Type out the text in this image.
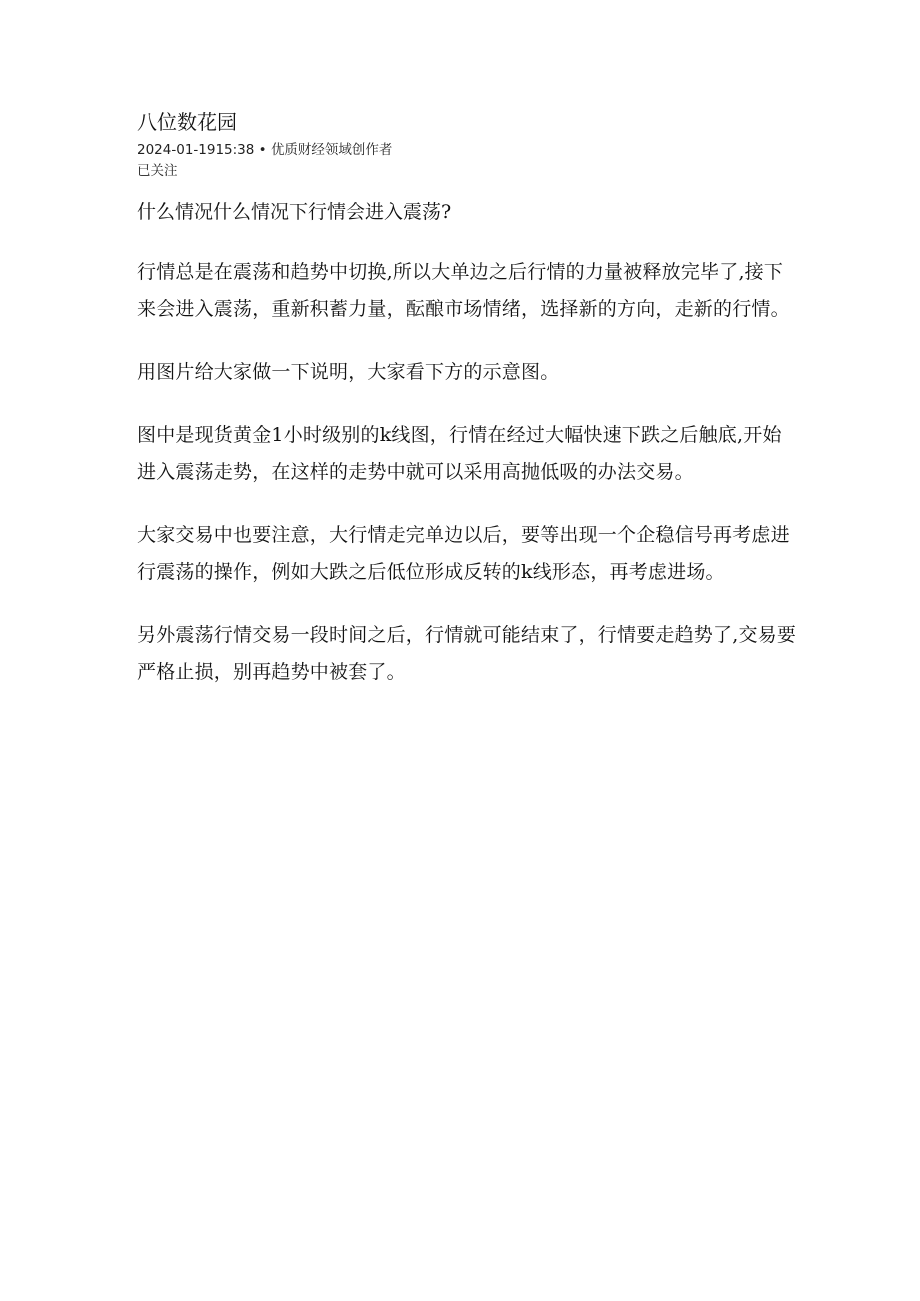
八位数花园
2024-01-1915:38 • 优质财经领域创作者
已关注
什么情况什么情况下行情会进入震荡?

行情总是在震荡和趋势中切换,所以大单边之后行情的力量被释放完毕了,接下来会进入震荡，重新积蓄力量，酝酿市场情绪，选择新的方向，走新的行情。

用图片给大家做一下说明，大家看下方的示意图。

图中是现货黄金1小时级别的k线图，行情在经过大幅快速下跌之后触底,开始进入震荡走势，在这样的走势中就可以采用高抛低吸的办法交易。

大家交易中也要注意，大行情走完单边以后，要等出现一个企稳信号再考虑进行震荡的操作，例如大跌之后低位形成反转的k线形态，再考虑进场。

另外震荡行情交易一段时间之后，行情就可能结束了，行情要走趋势了,交易要严格止损，别再趋势中被套了。
